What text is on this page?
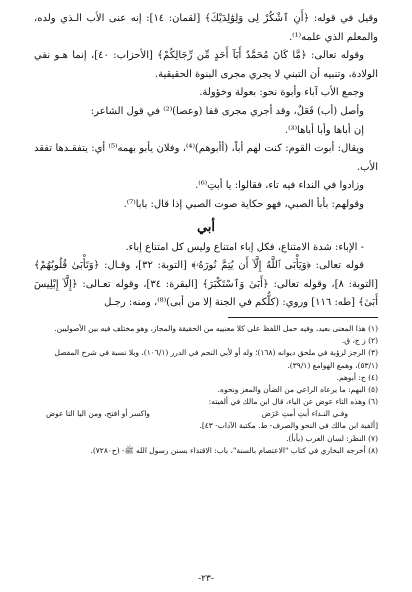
وقيل في قوله: ﴿أَنِ ٱشْكُرْ لِى وَلِوَٰلِدَيْكَ﴾ [لقمان: ١٤]: إنه عنى الأب الـذي ولده، والمعلم الذي علمه⁽¹⁾.

وقوله تعالى: ﴿مَّا كَانَ مُحَمَّدٌ أَبَآ أَحَدٍ مِّن رِّجَالِكُمْ﴾ [الأحزاب: ٤٠]، إنما هـو نفي الولادة، وتنبيه أن التبني لا يجري مجرى البنوة الحقيقية.

وجمع الأب آباء وأبوة نحو: بعولة وخؤولة.

وأصل (أب) فَعَلٌ، وقد أجري مجرى قفا (وعصا)⁽²⁾ في قول الشاعر:

إن أباها وأبا أباها⁽³⁾.

ويقال: أبوت القوم: كنت لهم أباً، (أأبوهم)⁽⁴⁾، وفلان يأبو بهمه⁽⁵⁾ أي: يتفقـدها تفقد الأب.

وزادوا في النداء فيه تاء، فقالوا: يا أبتِ⁽⁶⁾.

وقولهم: بأبأ الصبي، فهو حكاية صوت الصبي إذا قال: بابا⁽⁷⁾.

أبي

- الإباء: شدة الامتناع، فكل إباء امتناع وليس كل امتناع إباء.

قوله تعالى: ﴿وَيَأْبَى ٱللَّهُ إِلَّآ أَن يُتِمَّ نُورَهُۥ﴾ [التوبة: ٣٢]، وقـال: ﴿وَتَأْبَىٰ قُلُوبُهُمْ﴾ [التوبة: ٨]، وقوله تعالى: ﴿أَبَىٰ وَٱسْتَكْبَرَ﴾ [البقرة: ٣٤]، وقوله تعـالى: ﴿إِلَّآ إِبْلِيسَ أَبَىٰ﴾ [طه: ١١٦] وروي: (كلُّكم في الجنة إلا من أبى)⁽⁸⁾، ومنه: رجـل

(١) هذا المعنى بعيد، وفيه حمل اللفظ على كلا معنييه من الحقيقة والمجاز، وهو مختلف فيه بين الأصوليين.

(٢) ز ج، ق.

(٣) الرجز لرؤبة في ملحق ديوانه (١٦٨)؛ وله أو لأبي النجم في الدرر (١٠٦/١)، وبلا نسبة في شرح المفصل (٥٣/١)، وهمع الهوامع (٣٩/١).

(٤) ج: أبوهم.

(٥) البهم: ما يرعاه الراعي من الضأن والمعز ونحوه.

(٦) وهذه التاء عوض عن الياء، قال ابن مالك في ألفيته:

وفـي النـداء أبتِ أمتِ عَرَض
واكسر أو افتح، ومن اليا التا عوض

[ألفية ابن مالك في النحو والصرف- ط. مكتبة الآداب- ٤٣].

(٧) النظر: لسان العرب (بأبأ).

(٨) أخرجه البخاري في كتاب "الاعتصام بالسنة"، باب: الاقتداء بسنن رسول الله ﷺ- (ح٧٢٨٠).

-٢٣-
